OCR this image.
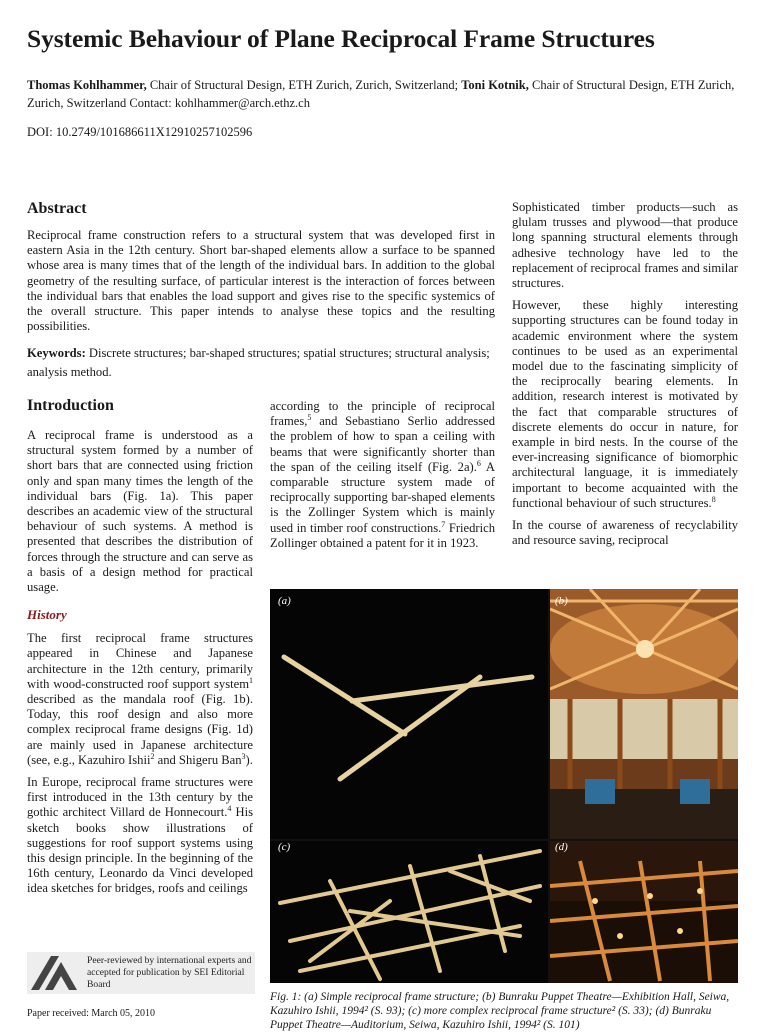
Systemic Behaviour of Plane Reciprocal Frame Structures
Thomas Kohlhammer, Chair of Structural Design, ETH Zurich, Zurich, Switzerland; Toni Kotnik, Chair of Structural Design, ETH Zurich, Zurich, Switzerland Contact: kohlhammer@arch.ethz.ch
DOI: 10.2749/101686611X12910257102596
Abstract

Reciprocal frame construction refers to a structural system that was developed first in eastern Asia in the 12th century. Short bar-shaped elements allow a surface to be spanned whose area is many times that of the length of the individual bars. In addition to the global geometry of the resulting surface, of particular interest is the interaction of forces between the individual bars that enables the load support and gives rise to the specific systemics of the overall structure. This paper intends to analyse these topics and the resulting possibilities.

Keywords: Discrete structures; bar-shaped structures; spatial structures; structural analysis; analysis method.

Introduction

A reciprocal frame is understood as a structural system formed by a number of short bars that are connected using friction only and span many times the length of the individual bars (Fig. 1a). This paper describes an academic view of the structural behaviour of such systems. A method is presented that describes the distribution of forces through the structure and can serve as a basis of a design method for practical usage.

History

The first reciprocal frame structures appeared in Chinese and Japanese architecture in the 12th century, primarily with wood-constructed roof support system$^1$ described as the mandala roof (Fig. 1b). Today, this roof design and also more complex reciprocal frame designs (Fig. 1d) are mainly used in Japanese architecture (see, e.g., Kazuhiro Ishii$^2$ and Shigeru Ban$^3$).

In Europe, reciprocal frame structures were first introduced in the 13th century by the gothic architect Villard de Honnecourt.$^4$ His sketch books show illustrations of suggestions for roof support systems using this design principle. In the beginning of the 16th century, Leonardo da Vinci developed idea sketches for bridges, roofs and ceilings

according to the principle of reciprocal frames,$^5$ and Sebastiano Serlio addressed the problem of how to span a ceiling with beams that were significantly shorter than the span of the ceiling itself (Fig. 2a).$^6$ A comparable structure system made of reciprocally supporting bar-shaped elements is the Zollinger System which is mainly used in timber roof constructions.$^7$ Friedrich Zollinger obtained a patent for it in 1923.

Sophisticated timber products—such as glulam trusses and plywood—that produce long spanning structural elements through adhesive technology have led to the replacement of reciprocal frames and similar structures.

However, these highly interesting supporting structures can be found today in academic environment where the system continues to be used as an experimental model due to the fascinating simplicity of the reciprocally bearing elements. In addition, research interest is motivated by the fact that comparable structures of discrete elements do occur in nature, for example in bird nests. In the course of the ever-increasing significance of biomorphic architectural language, it is immediately important to become acquainted with the functional behaviour of such structures.$^8$

In the course of awareness of recyclability and resource saving, reciprocal

(a)	(b)
(c)	(d)
Fig. 1: (a) Simple reciprocal frame structure; (b) Bunraku Puppet Theatre—Exhibition Hall, Seiwa, Kazuhiro Ishii, 1994² (S. 93); (c) more complex reciprocal frame structure² (S. 33); (d) Bunraku Puppet Theatre—Auditorium, Seiwa, Kazuhiro Ishii, 1994² (S. 101)
Peer-reviewed by international experts and accepted for publication by SEI Editorial Board
Paper received: March 05, 2010
